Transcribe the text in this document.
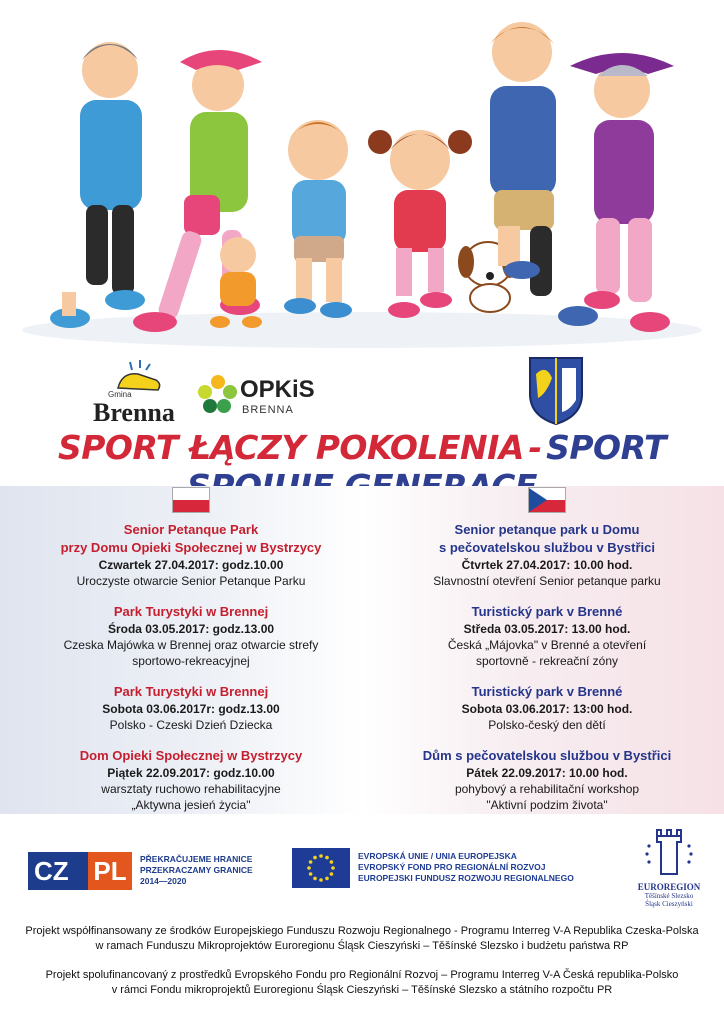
Gmina
Brenna
OPKiS
BRENNA
SPORT ŁĄCZY POKOLENIA - SPORT
Senior Petanque Park
przy Domu Opieki Społecznej w Bystrzycy
Czwartek 27.04.2017: godz.10.00
Uroczyste otwarcie Senior Petanque Parku
Park Turystyki w Brennej
Środa 03.05.2017: godz.13.00
Czeska Majówka w Brennej oraz otwarcie strefy
sportowo-rekreacyjnej
Park Turystyki w Brennej
Sobota 03.06.2017r: godz.13.00
Polsko - Czeski Dzień Dziecka
Dom Opieki Społecznej w Bystrzycy
Piątek 22.09.2017: godz.10.00
warsztaty ruchowo rehabilitacyjne
„Aktywna jesień życia"
Senior petanque park u Domu
s pečovatelskou službou v Bystřici
Čtvrtek 27.04.2017: 10.00 hod.
Slavnostní otevření Senior petanque parku
Turistický park v Brenné
Středa 03.05.2017: 13.00 hod.
Česká „Májovka" v Brenné a otevření
sportovně - rekreační zóny
Turistický park v Brenné
Sobota 03.06.2017: 13:00 hod.
Polsko-český den dětí
Dům s pečovatelskou službou v Bystřici
Pátek 22.09.2017: 10.00 hod.
pohybový a rehabilitační workshop
"Aktivní podzim života"
CZ PL	PŘEKRAČUJEME HRANICE
PRZEKRACZAMY GRANICE
2014—2020
EVROPSKÁ UNIE / UNIA EUROPEJSKA
EVROPSKÝ FOND PRO REGIONÁLNÍ ROZVOJ
EUROPEJSKI FUNDUSZ ROZWOJU REGIONALNEGO
EUROREGION
Těšínské Slezsko
Śląsk Cieszyński

Projekt współfinansowany ze środków Europejskiego Funduszu Rozwoju Regionalnego - Programu Interreg V-A Republika Czeska-Polska
w ramach Funduszu Mikroprojektów Euroregionu Śląsk Cieszyński – Těšínské Slezsko i budżetu państwa RP

Projekt spolufinancovaný z prostředků Evropského Fondu pro Regionální Rozvoj – Programu Interreg V-A Česká republika-Polsko
v rámci Fondu mikroprojektů Euroregionu Śląsk Cieszyński – Těšínské Slezsko a státního rozpočtu PR
